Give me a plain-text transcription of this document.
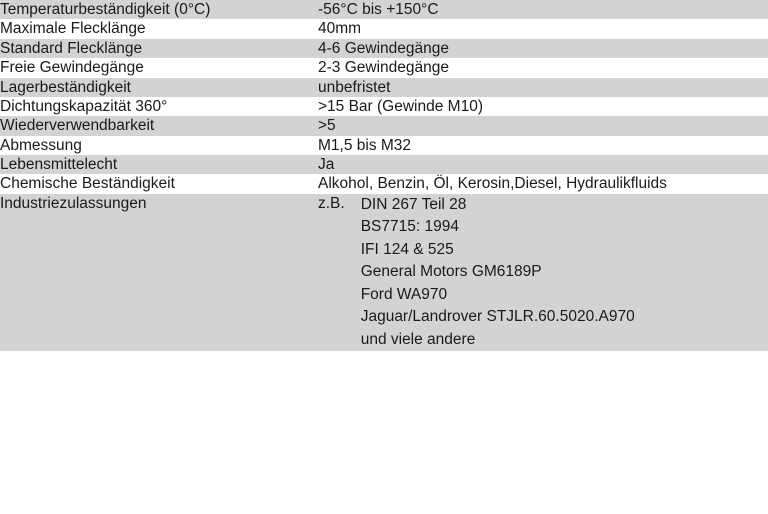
Temperaturbeständigkeit (0°C)	-56°C bis +150°C
Maximale Flecklänge	40mm
Standard Flecklänge	4-6 Gewindegänge
Freie Gewindegänge	2-3 Gewindegänge
Lagerbeständigkeit	unbefristet
Dichtungskapazität 360°	>15 Bar (Gewinde M10)
Wiederverwendbarkeit	>5
Abmessung	M1,5 bis M32
Lebensmittelecht	Ja
Chemische Beständigkeit	Alkohol, Benzin, Öl, Kerosin,Diesel, Hydraulikfluids
Industriezulassungen	z.B.	DIN 267 Teil 28
BS7715: 1994
IFI 124 & 525
General Motors GM6189P
Ford WA970
Jaguar/Landrover STJLR.60.5020.A970
und viele andere
